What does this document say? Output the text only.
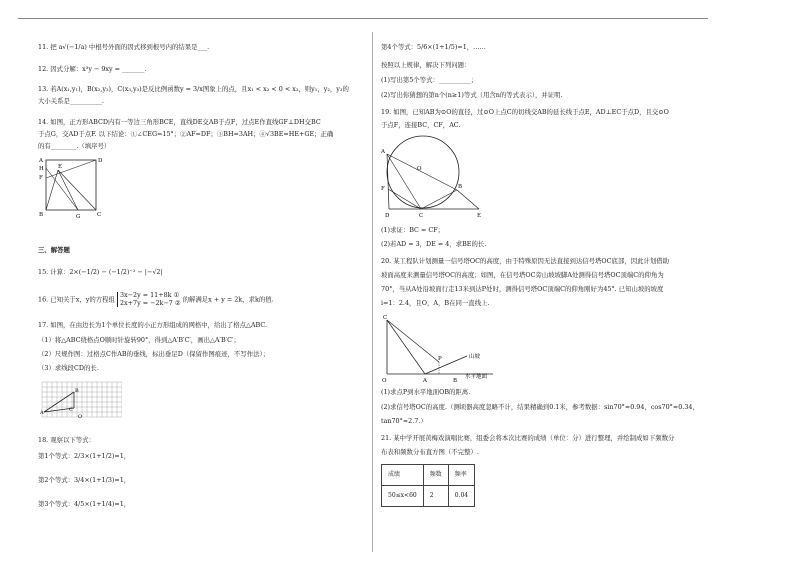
11. 把 a√(−1/a) 中根号外面的因式移到根号内的结果是___.
12. 因式分解：x³y − 9xy = _______.
13. 若A(x₁,y₁)，B(x₂,y₂)，C(x₃,y₃)是反比例函数y = 3/x图象上的点，且x₁ < x₂ < 0 < x₃，则y₁，y₂，y₃的
大小关系是__________.
14. 如图，正方形ABCD内有一等边三角形BCE，直线DE交AB于点F，过点E作直线GF⊥DH交BC
于点G，交AD于点F. 以下结论：①∠CEG=15°；②AF=DF；③BH=3AH；④√3BE=HE+GE；正确
的有________.（填序号）
A	D
E
F
H
B	G	C
三、解答题
15. 计算：2×(−1/2) − (−1/2)⁻² − |−√2|
16. 已知关于x，y的方程组
3x−2y = 11+8k ①
2x+7y = −2k−7 ② 的解满足x + y = 2k，求k的值.
17. 如图，在由边长为1个单位长度的小正方形组成的网格中，给出了格点△ABC.
（1）将△ABC绕格点O顺时针旋转90°，得到△A′B′C′，画出△A′B′C′；
（2）尺规作图：过格点C作AB的垂线，标出垂足D（保留作图痕迹，不写作法）；
（3）求线段CD的长.
A
B
C
O
18. 观察以下等式：
第1个等式：2/3×(1+1/2)=1，
第2个等式：3/4×(1+1/3)=1，
第3个等式：4/5×(1+1/4)=1，
第4个等式：5/6×(1+1/5)=1，……
按照以上规律，解决下列问题：
(1)写出第5个等式：__________；
(2)写出你猜想的第n个(n≥1)等式（用含n的等式表示），并证明.
19. 如图，已知AB为⊙O的直径，过⊙O上点C的切线交AB的延长线于点E，AD⊥EC于点D，且交⊙O
于点F，连接BC，CF，AC.
A
O
F	B
D	C	E
(1)求证：BC = CF；
(2)若AD = 3，DE = 4，求BE的长.
20. 某工程队计划测量一信号塔OC的高度，由于特殊原因无法直接到达信号塔OC底部，因此计划借助
坡面高度来测量信号塔OC的高度；如图，在信号塔OC旁山坡坡脚A处测得信号塔OC顶端C的仰角为
70°，当从A处沿坡面行走13米到达P处时，测得信号塔OC顶端C的仰角刚好为45°. 已知山坡的坡度
i=1：2.4，且O，A，B在同一直线上.
C
P	山坡
O	A	B
水平地面
(1)求点P到水平地面OB的距离.
(2)求信号塔OC的高度.（测顷器高度忽略不计，结果精确到0.1米，参考数据：sin70°≈0.94，cos70°≈0.34，
tan70°≈2.7.）
21. 某中学开展黄梅戏演唱比赛，组委会将本次比赛的成绩（单位：分）进行整理，并绘制成如下频数分
布表和频数分布直方图（不完整）.
成绩	频数	频率
50≤x<60	2	0.04
